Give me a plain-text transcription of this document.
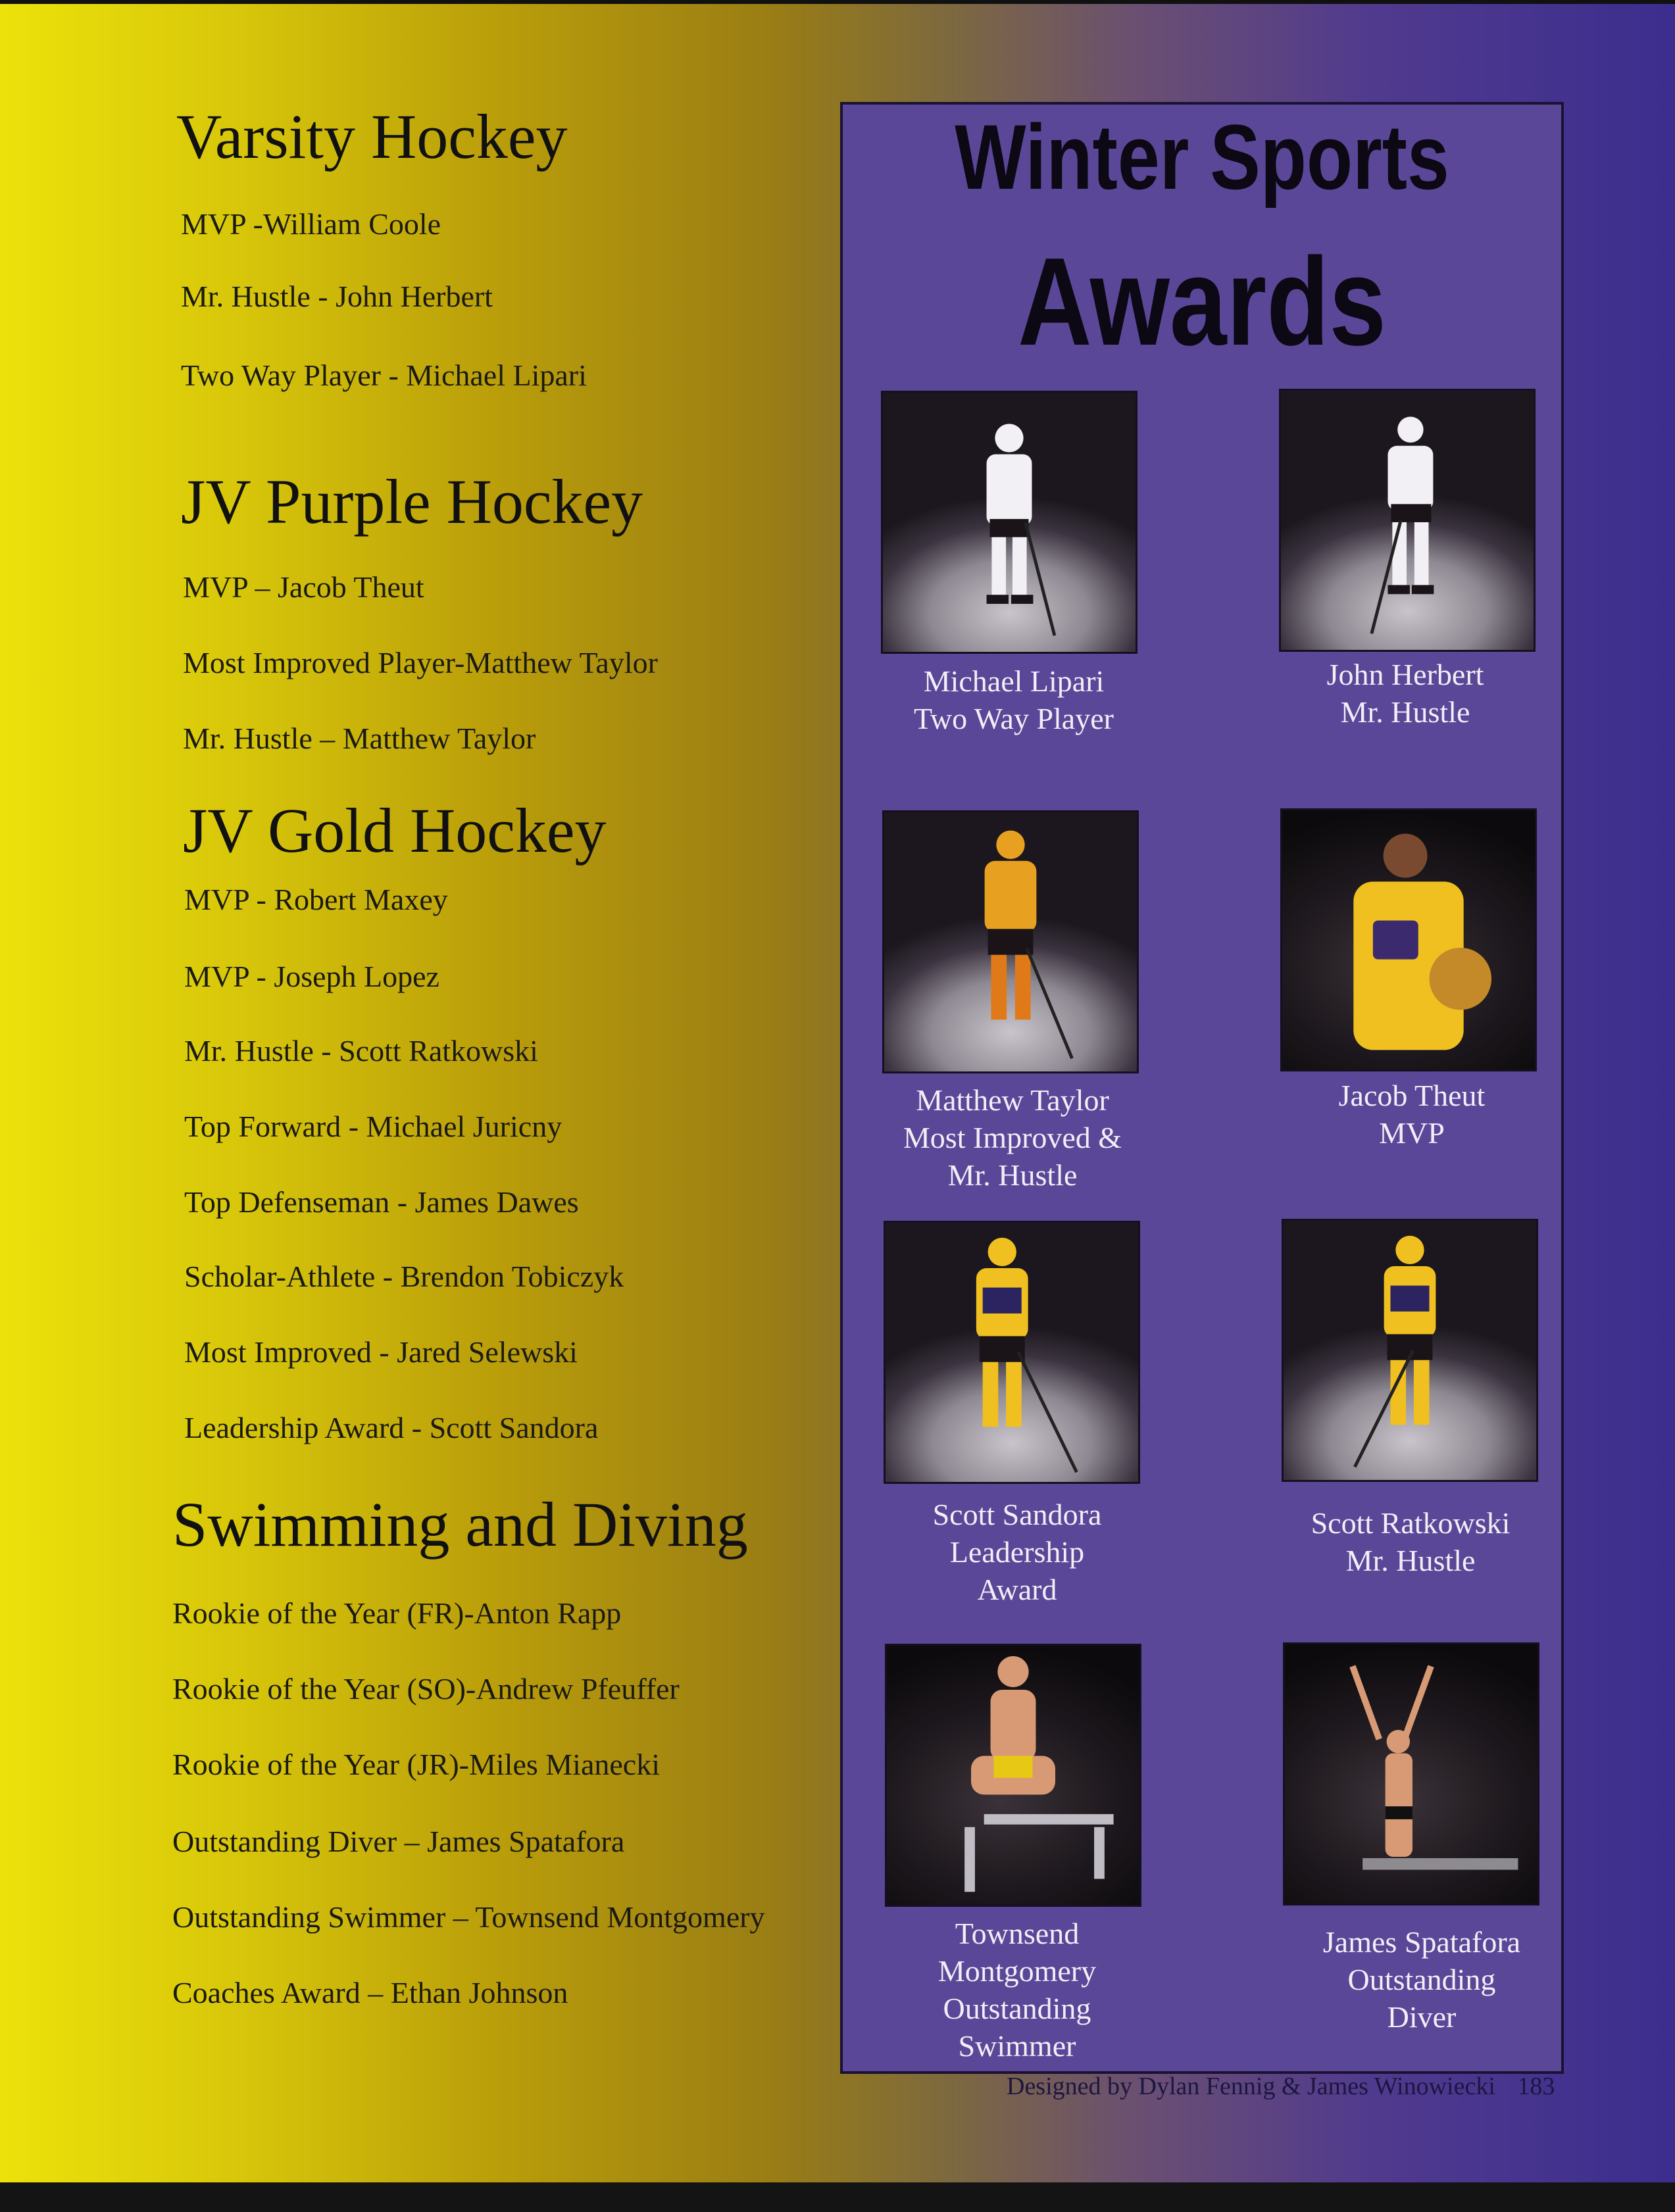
Varsity Hockey

MVP -William Coole

Mr. Hustle - John Herbert

Two Way Player - Michael Lipari

JV Purple Hockey

MVP – Jacob Theut

Most Improved Player-Matthew Taylor

Mr. Hustle – Matthew Taylor

JV Gold Hockey

MVP - Robert Maxey

MVP - Joseph Lopez

Mr. Hustle - Scott Ratkowski

Top Forward - Michael Juricny

Top Defenseman - James Dawes

Scholar-Athlete - Brendon Tobiczyk

Most Improved - Jared Selewski

Leadership Award - Scott Sandora

Swimming and Diving

Rookie of the Year (FR)-Anton Rapp

Rookie of the Year (SO)-Andrew Pfeuffer

Rookie of the Year (JR)-Miles Mianecki

Outstanding Diver – James Spatafora

Outstanding Swimmer – Townsend Montgomery

Coaches Award – Ethan Johnson

Winter Sports
Awards
Michael Lipari
Two Way Player
John Herbert
Mr. Hustle
Matthew Taylor
Most Improved &
Mr. Hustle
Jacob Theut
MVP
Scott Sandora
Leadership
Award
Scott Ratkowski
Mr. Hustle
Townsend
Montgomery
Outstanding
Swimmer
James Spatafora
Outstanding
Diver
Designed by Dylan Fennig & James Winowiecki 183
